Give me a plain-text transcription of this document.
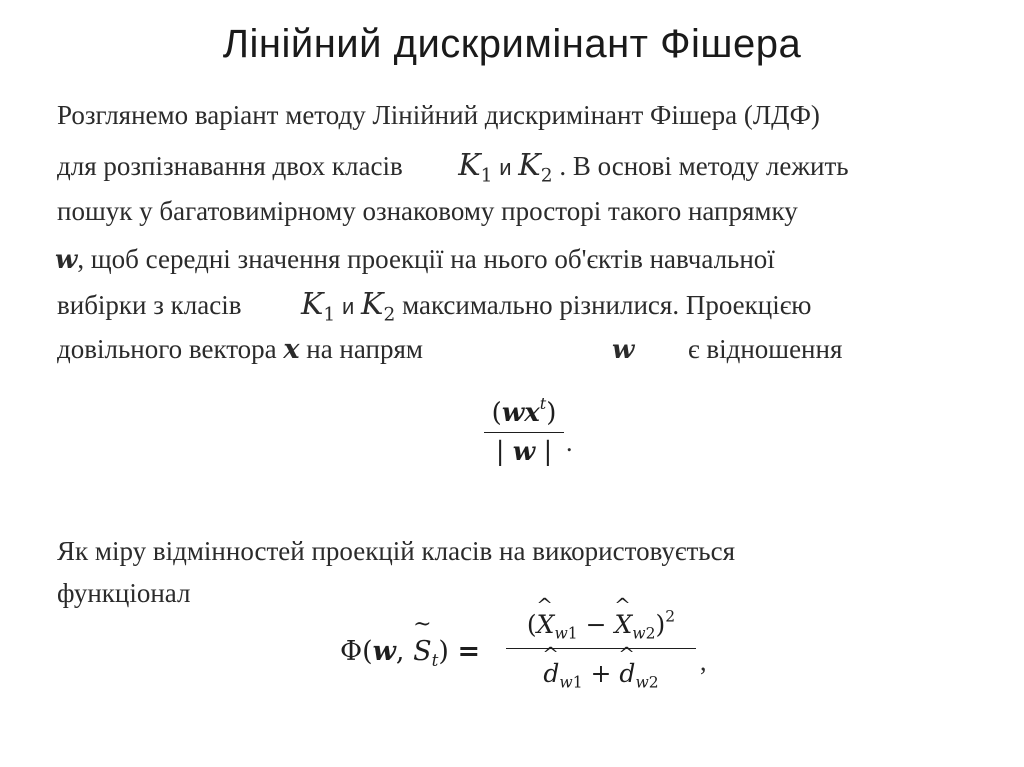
Лінійний дискримінант Фішера
Розглянемо варіант методу Лінійний дискримінант Фішера (ЛДФ)
для розпізнавання двох класів $K_1$ и $K_2$ . В основі методу лежить
пошук у багатовимірному ознаковому просторі такого напрямку
w, щоб середні значення проекції на нього об'єктів навчальної
вибірки з класів $K_1$ и $K_2$ максимально різнилися. Проекцією
довільного вектора x на напрям	w є відношення
$(wx^t)$
| w | .
Як міру відмінностей проекцій класів на використовується
функціонал
Φ(w, ~ $S_t$) =
(^ $X_{w1}$ − ^ $X_{w2})^2$
^ $d_{w1}$ + ^ $d_{w2}$
,
